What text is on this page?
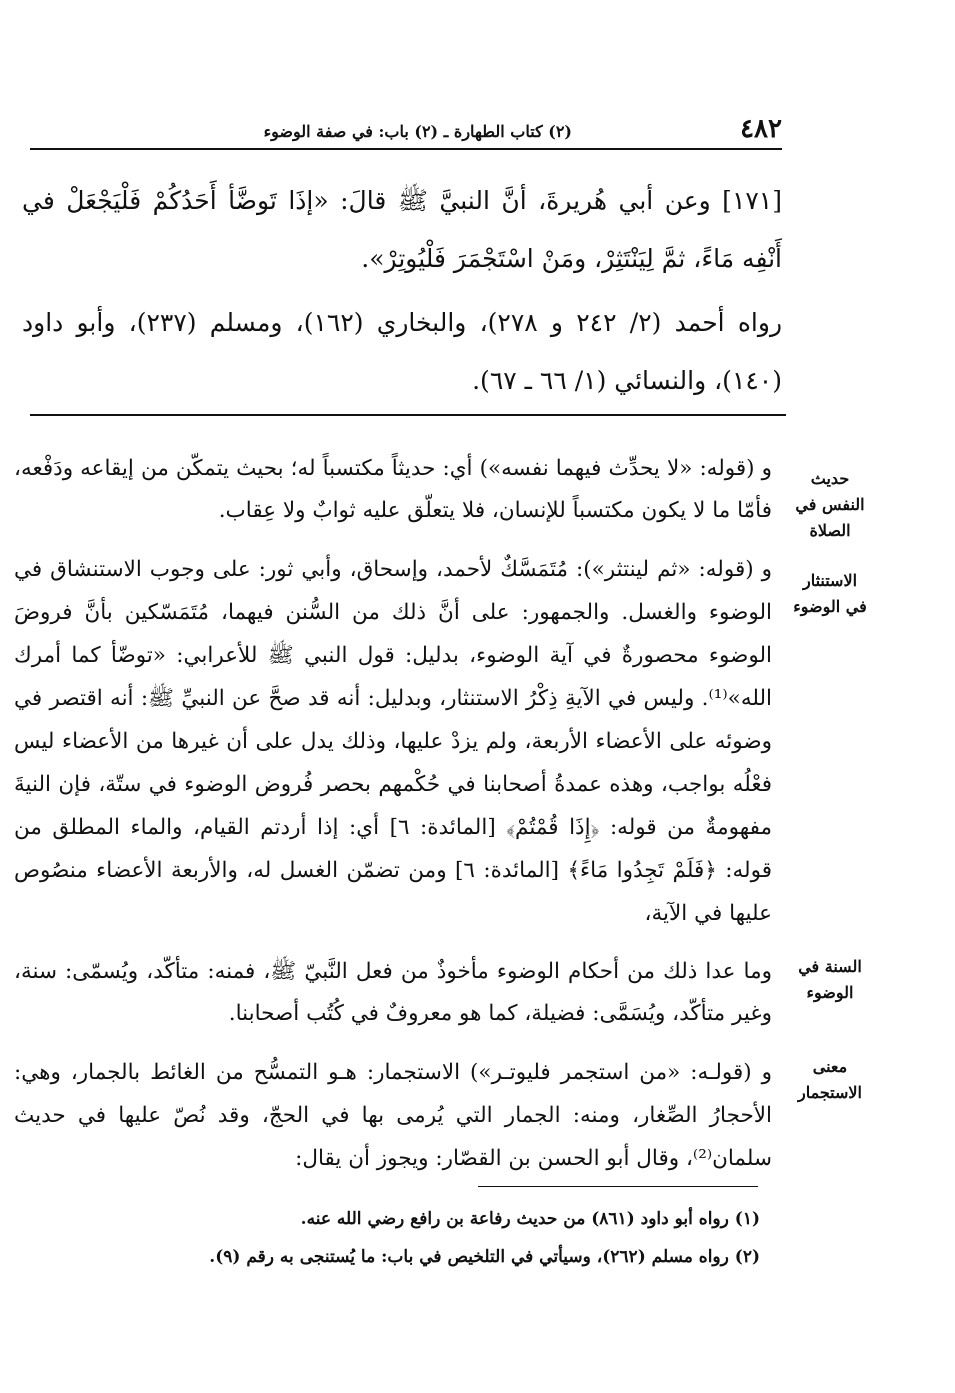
٤٨٢
(٢) كتاب الطهارة ـ (٢) باب: في صفة الوضوء

[١٧١] وعن أبي هُريرةَ، أنَّ النبيَّ ﷺ قالَ: «إذَا تَوضَّأ أَحَدُكُمْ فَلْيَجْعَلْ في أَنْفِه مَاءً، ثمَّ لِيَنْتَثِرْ، ومَنْ اسْتَجْمَرَ فَلْيُوتِرْ».

رواه أحمد (٢/ ٢٤٢ و ٢٧٨)، والبخاري (١٦٢)، ومسلم (٢٣٧)، وأبو داود (١٤٠)، والنسائي (١/ ٦٦ ـ ٦٧).

و (قوله: «لا يحدِّث فيهما نفسه») أي: حديثاً مكتسباً له؛ بحيث يتمكّن من إيقاعه ودَفْعه، فأمّا ما لا يكون مكتسباً للإنسان، فلا يتعلّق عليه ثوابٌ ولا عِقاب.

و (قوله: «ثم لينتثر»): مُتَمَسَّكٌ لأحمد، وإسحاق، وأبي ثور: على وجوب الاستنشاق في الوضوء والغسل. والجمهور: على أنَّ ذلك من السُّنن فيهما، مُتَمَسّكين بأنَّ فروضَ الوضوء محصورةٌ في آية الوضوء، بدليل: قول النبي ﷺ للأعرابي: «توضّأ كما أمرك الله»⁽¹⁾. وليس في الآيةِ ذِكْرُ الاستنثار، وبدليل: أنه قد صحَّ عن النبيِّ ﷺ: أنه اقتصر في وضوئه على الأعضاء الأربعة، ولم يزدْ عليها، وذلك يدل على أن غيرها من الأعضاء ليس فعْلُه بواجب، وهذه عمدةُ أصحابنا في حُكْمهم بحصر فُروض الوضوء في ستّة، فإن النيةَ مفهومةٌ من قوله: ﴿إِذَا قُمْتُمْ﴾ [المائدة: ٦] أي: إذا أردتم القيام، والماء المطلق من قوله: ﴿فَلَمْ تَجِدُوا مَاءً﴾ [المائدة: ٦] ومن تضمّن الغسل له، والأربعة الأعضاء منصُوص عليها في الآية،

وما عدا ذلك من أحكام الوضوء مأخوذٌ من فعل النَّبيّ ﷺ، فمنه: متأكّد، ويُسمّى: سنة، وغير متأكّد، ويُسَمَّى: فضيلة، كما هو معروفٌ في كُتُب أصحابنا.

و (قولـه: «من استجمر فليوتـر») الاستجمار: هـو التمسُّح من الغائط بالجمار، وهي: الأحجارُ الصِّغار، ومنه: الجمار التي يُرمى بها في الحجّ، وقد نُصّ عليها في حديث سلمان⁽²⁾، وقال أبو الحسن بن القصّار: ويجوز أن يقال:

حديث النفس في الصلاة
الاستنثار في الوضوء
السنة في الوضوء
معنى الاستجمار

(١) رواه أبو داود (٨٦١) من حديث رفاعة بن رافع رضي الله عنه.

(٢) رواه مسلم (٢٦٢)، وسيأتي في التلخيص في باب: ما يُستنجى به رقم (٩).
